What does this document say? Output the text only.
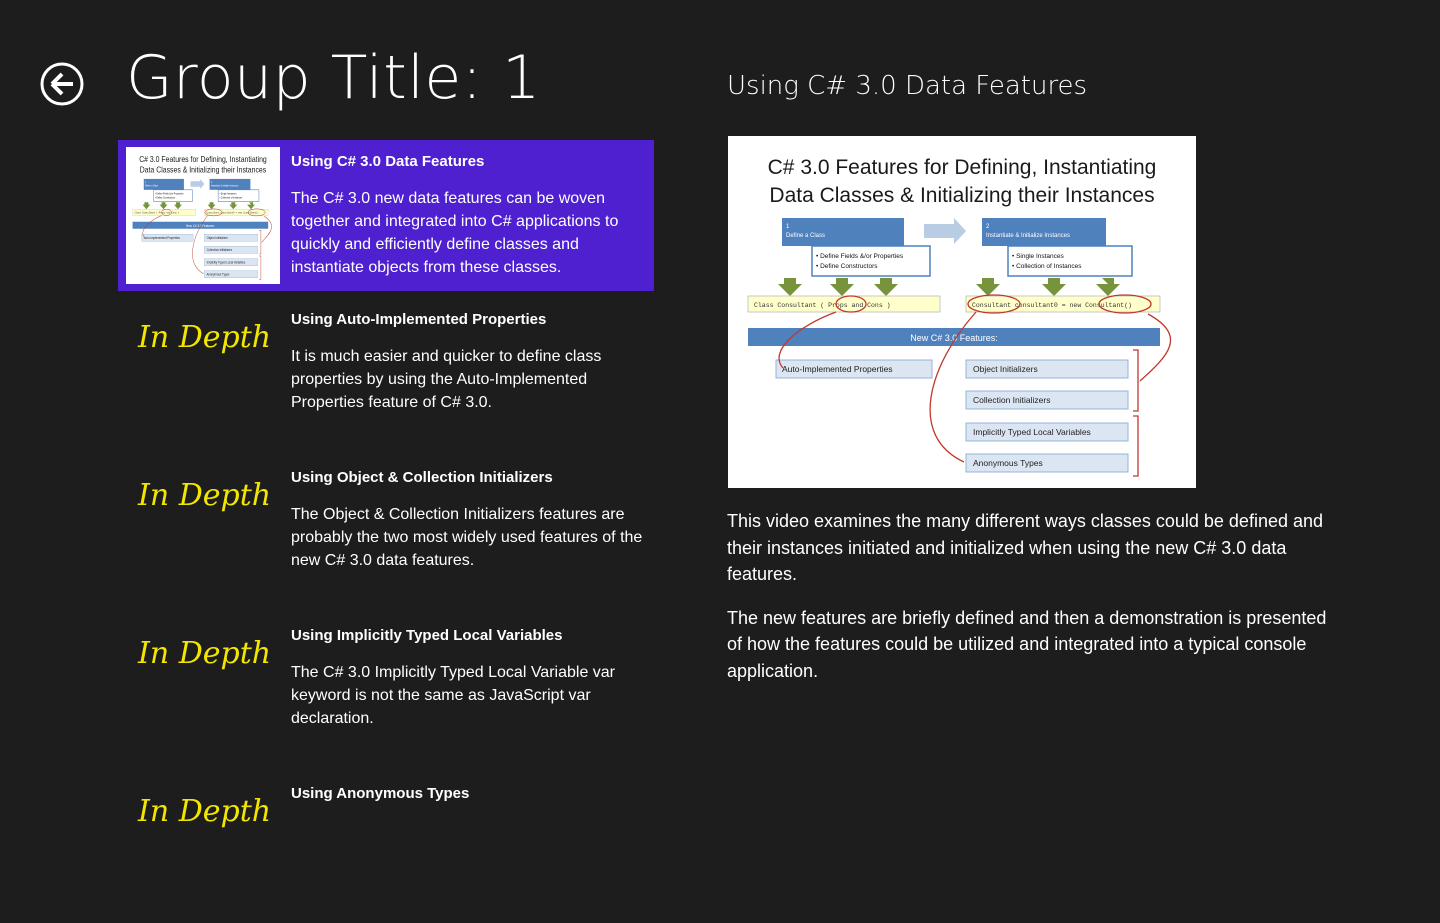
Group Title: 1
Using C# 3.0 Data Features
The C# 3.0 new data features can be woven together and integrated into C# applications to quickly and efficiently define classes and instantiate objects from these classes.
In Depth
Using Auto-Implemented Properties
It is much easier and quicker to define class properties by using the Auto-Implemented Properties feature of C# 3.0.
In Depth
Using Object & Collection Initializers
The Object & Collection Initializers features are probably the two most widely used features of the new C# 3.0 data features.
In Depth
Using Implicitly Typed Local Variables
The C# 3.0 Implicitly Typed Local Variable var keyword is not the same as JavaScript var declaration.
In Depth
Using Anonymous Types
Using C# 3.0 Data Features

This video examines the many different ways classes could be defined and their instances initiated and initialized when using the new C# 3.0 data features.

The new features are briefly defined and then a demonstration is presented of how the features could be utilized and integrated into a typical console application.
